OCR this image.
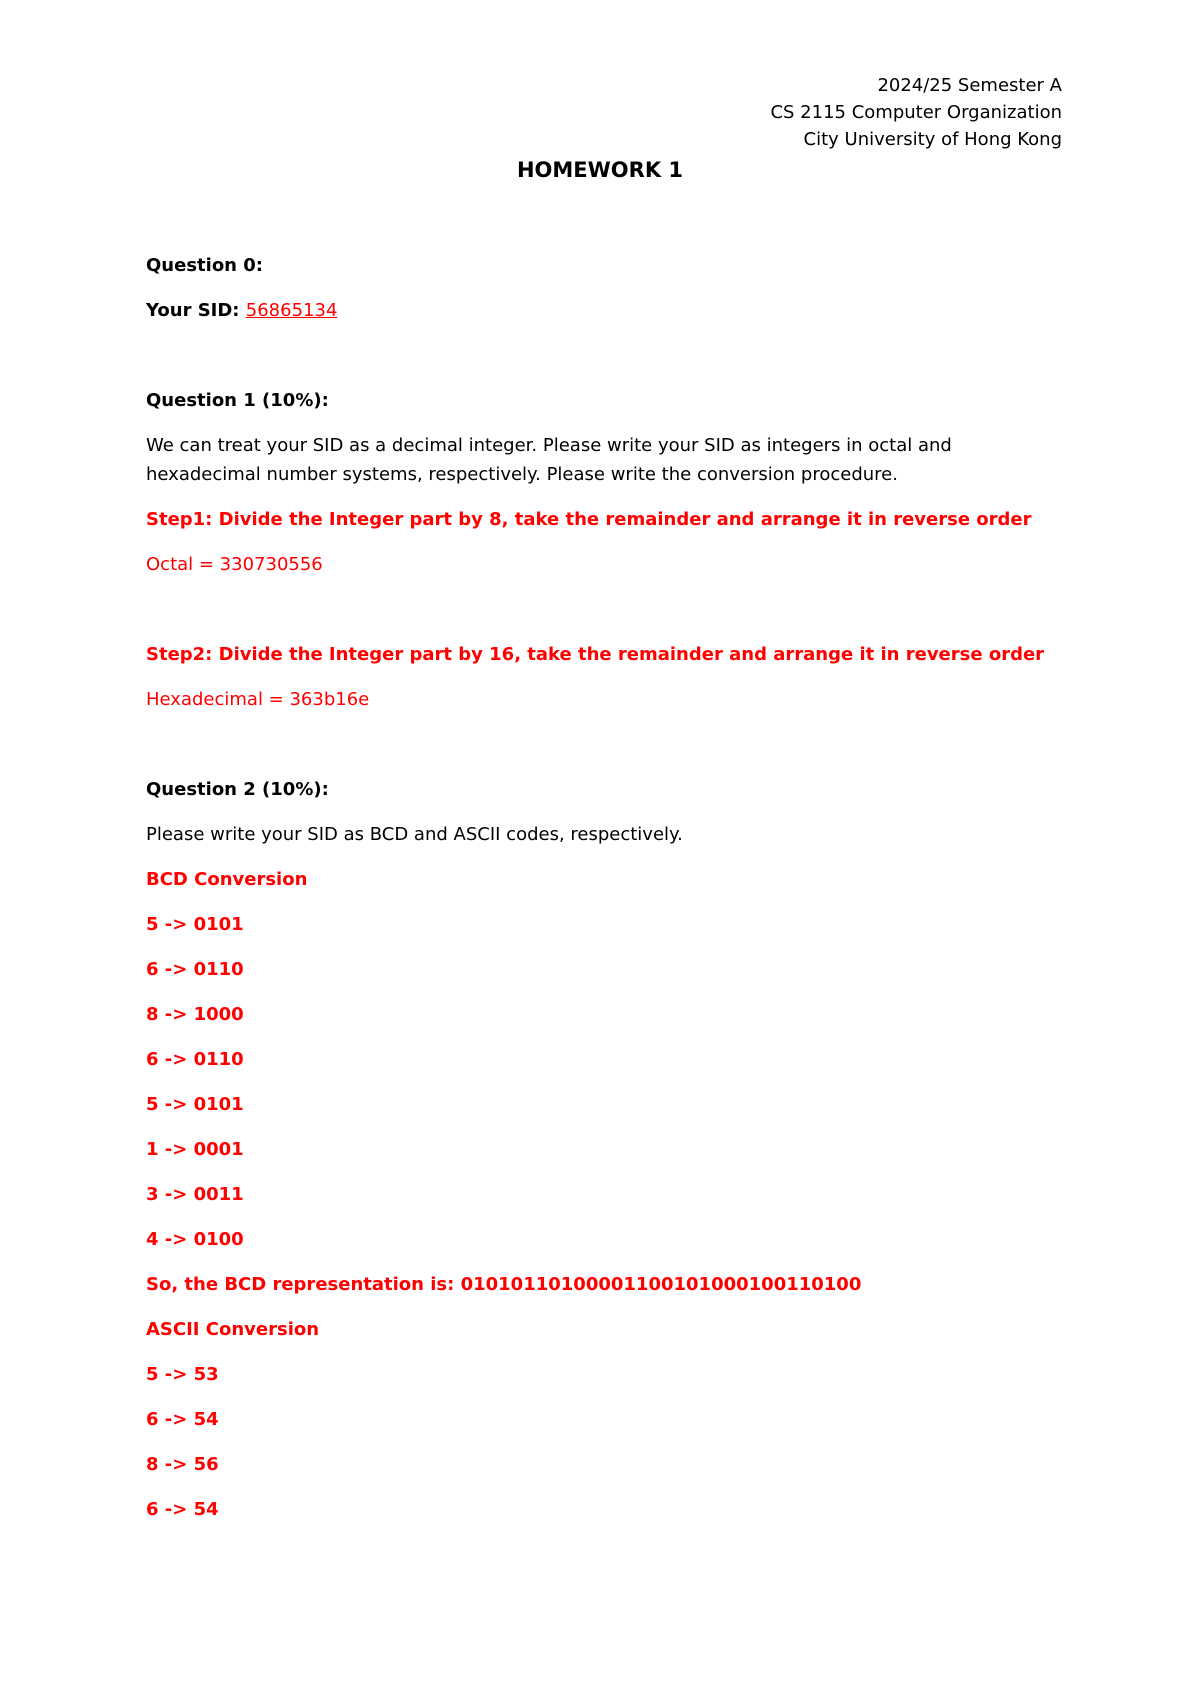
2024/25 Semester A
CS 2115 Computer Organization
City University of Hong Kong
HOMEWORK 1
Question 0:
Your SID: 56865134
Question 1 (10%):
We can treat your SID as a decimal integer. Please write your SID as integers in octal and
hexadecimal number systems, respectively. Please write the conversion procedure.
Step1: Divide the Integer part by 8, take the remainder and arrange it in reverse order
Octal = 330730556
Step2: Divide the Integer part by 16, take the remainder and arrange it in reverse order
Hexadecimal = 363b16e
Question 2 (10%):
Please write your SID as BCD and ASCII codes, respectively.
BCD Conversion
5 -> 0101
6 -> 0110
8 -> 1000
6 -> 0110
5 -> 0101
1 -> 0001
3 -> 0011
4 -> 0100
So, the BCD representation is: 01010110100001100101000100110100
ASCII Conversion
5 -> 53
6 -> 54
8 -> 56
6 -> 54
